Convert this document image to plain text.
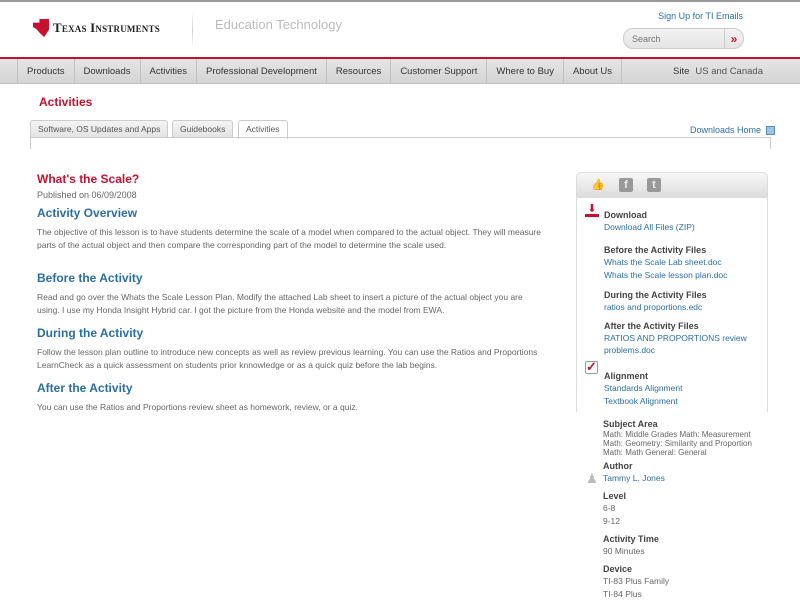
Texas Instruments	Education Technology
Sign Up for TI Emails
Search
»
Products	Downloads	Activities	Professional Development	Resources	Customer Support	Where to Buy	About Us	Site US and Canada
Activities
Software, OS Updates and Apps	Guidebooks	Activities	Downloads Home
What's the Scale?
Published on 06/09/2008
Activity Overview

The objective of this lesson is to have students determine the scale of a model when compared to the actual object. They will measure parts of the actual object and then compare the corresponding part of the model to determine the scale used.

Before the Activity

Read and go over the Whats the Scale Lesson Plan. Modify the attached Lab sheet to insert a picture of the actual object you are using. I use my Honda Insight Hybrid car. I got the picture from the Honda website and the model from EWA.

During the Activity

Follow the lesson plan outline to introduce new concepts as well as review previous learning. You can use the Ratios and Proportions LearnCheck as a quick assessment on students prior knnowledge or as a quick quiz before the lab begins.

After the Activity

You can use the Ratios and Proportions review sheet as homework, review, or a quiz.

👍	f	t
⬇ Download
Download All Files (ZIP)
Before the Activity Files
Whats the Scale Lab sheet.doc
Whats the Scale lesson plan.doc
During the Activity Files
ratios and proportions.edc
After the Activity Files
RATIOS AND PROPORTIONS review problems.doc
✓
Alignment
Standards Alignment
Textbook Alignment
Subject Area
Math: Middle Grades Math: Measurement
Math: Geometry: Similarity and Proportion
Math: Math General: General
♟
Author
Tammy L. Jones
Level
6-8
9-12
Activity Time
90 Minutes
Device
TI-83 Plus Family
TI-84 Plus
